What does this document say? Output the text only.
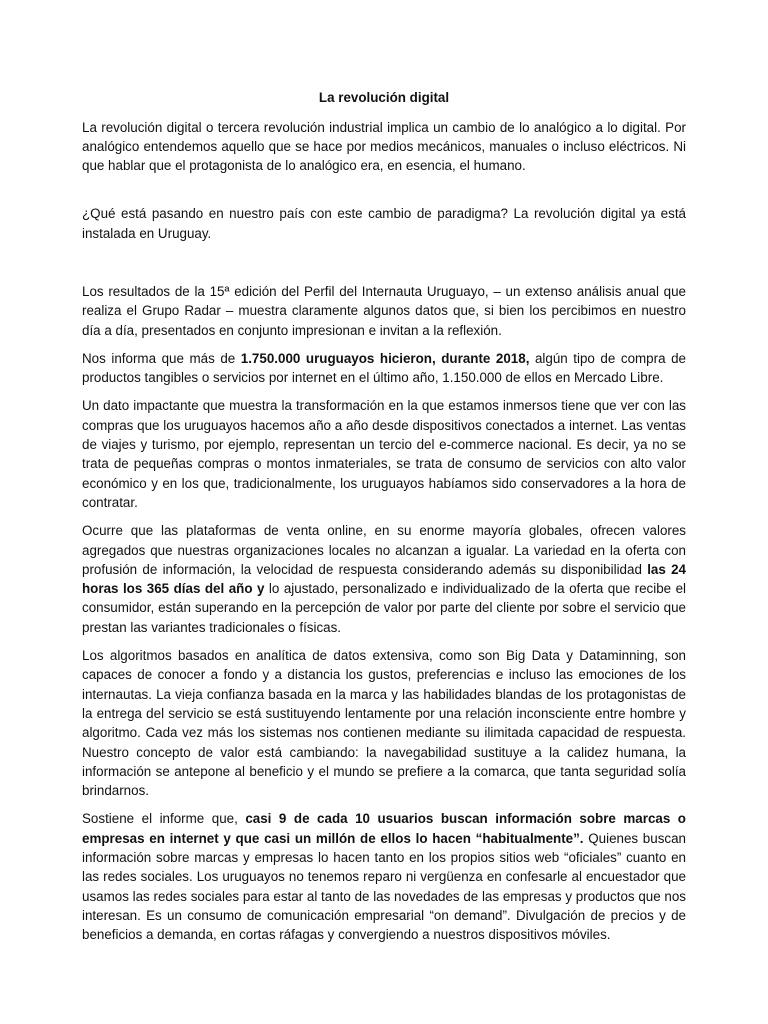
La revolución digital

La revolución digital o tercera revolución industrial implica un cambio de lo analógico a lo digital. Por analógico entendemos aquello que se hace por medios mecánicos, manuales o incluso eléctricos. Ni que hablar que el protagonista de lo analógico era, en esencia, el humano.

¿Qué está pasando en nuestro país con este cambio de paradigma? La revolución digital ya está instalada en Uruguay.

Los resultados de la 15ª edición del Perfil del Internauta Uruguayo, – un extenso análisis anual que realiza el Grupo Radar – muestra claramente algunos datos que, si bien los percibimos en nuestro día a día, presentados en conjunto impresionan e invitan a la reflexión.

Nos informa que más de 1.750.000 uruguayos hicieron, durante 2018, algún tipo de compra de productos tangibles o servicios por internet en el último año, 1.150.000 de ellos en Mercado Libre.

Un dato impactante que muestra la transformación en la que estamos inmersos tiene que ver con las compras que los uruguayos hacemos año a año desde dispositivos conectados a internet. Las ventas de viajes y turismo, por ejemplo, representan un tercio del e-commerce nacional. Es decir, ya no se trata de pequeñas compras o montos inmateriales, se trata de consumo de servicios con alto valor económico y en los que, tradicionalmente, los uruguayos habíamos sido conservadores a la hora de contratar.

Ocurre que las plataformas de venta online, en su enorme mayoría globales, ofrecen valores agregados que nuestras organizaciones locales no alcanzan a igualar. La variedad en la oferta con profusión de información, la velocidad de respuesta considerando además su disponibilidad las 24 horas los 365 días del año y lo ajustado, personalizado e individualizado de la oferta que recibe el consumidor, están superando en la percepción de valor por parte del cliente por sobre el servicio que prestan las variantes tradicionales o físicas.

Los algoritmos basados en analítica de datos extensiva, como son Big Data y Dataminning, son capaces de conocer a fondo y a distancia los gustos, preferencias e incluso las emociones de los internautas. La vieja confianza basada en la marca y las habilidades blandas de los protagonistas de la entrega del servicio se está sustituyendo lentamente por una relación inconsciente entre hombre y algoritmo. Cada vez más los sistemas nos contienen mediante su ilimitada capacidad de respuesta. Nuestro concepto de valor está cambiando: la navegabilidad sustituye a la calidez humana, la información se antepone al beneficio y el mundo se prefiere a la comarca, que tanta seguridad solía brindarnos.

Sostiene el informe que, casi 9 de cada 10 usuarios buscan información sobre marcas o empresas en internet y que casi un millón de ellos lo hacen “habitualmente”. Quienes buscan información sobre marcas y empresas lo hacen tanto en los propios sitios web “oficiales” cuanto en las redes sociales. Los uruguayos no tenemos reparo ni vergüenza en confesarle al encuestador que usamos las redes sociales para estar al tanto de las novedades de las empresas y productos que nos interesan. Es un consumo de comunicación empresarial “on demand”. Divulgación de precios y de beneficios a demanda, en cortas ráfagas y convergiendo a nuestros dispositivos móviles.
